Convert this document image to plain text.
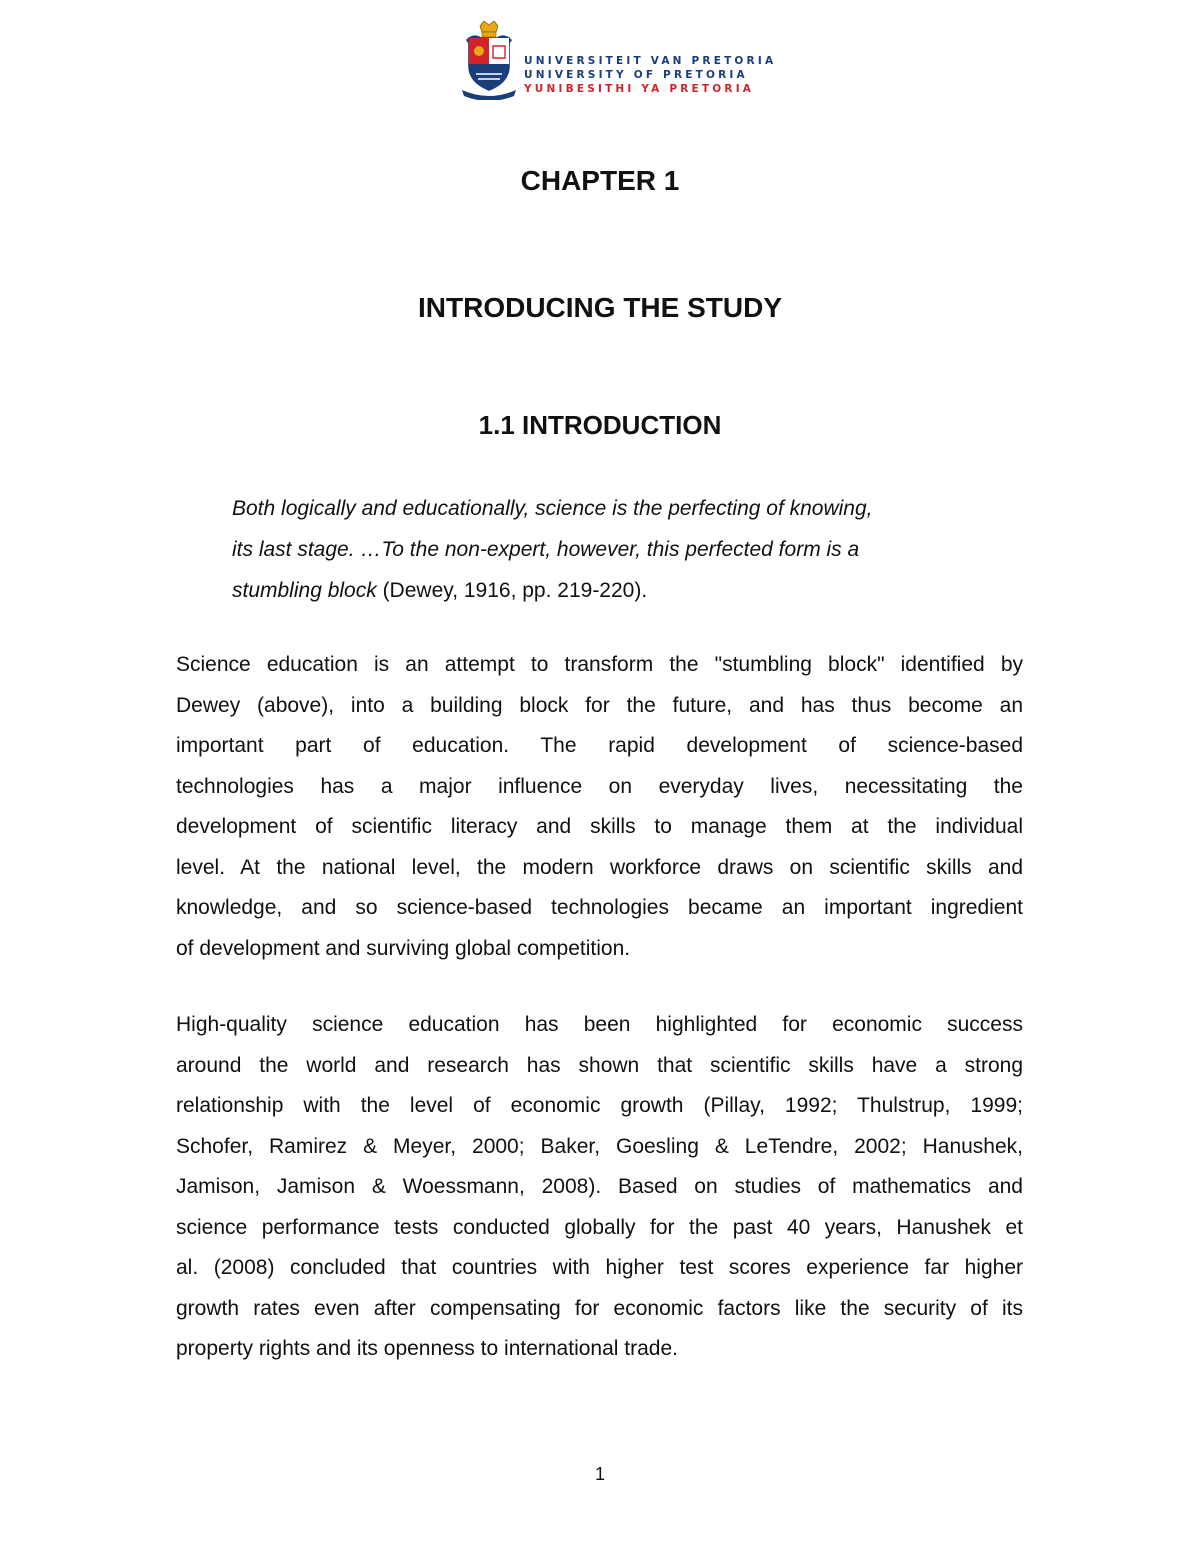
UNIVERSITEIT VAN PRETORIA
UNIVERSITY OF PRETORIA
YUNIBESITHI YA PRETORIA
CHAPTER 1
INTRODUCING THE STUDY
1.1 INTRODUCTION
Both logically and educationally, science is the perfecting of knowing,
its last stage. …To the non-expert, however, this perfected form is a
stumbling block (Dewey, 1916, pp. 219-220).

Science education is an attempt to transform the "stumbling block" identified by
Dewey (above), into a building block for the future, and has thus become an
important part of education. The rapid development of science-based
technologies has a major influence on everyday lives, necessitating the
development of scientific literacy and skills to manage them at the individual
level. At the national level, the modern workforce draws on scientific skills and
knowledge, and so science-based technologies became an important ingredient
of development and surviving global competition.

High-quality science education has been highlighted for economic success
around the world and research has shown that scientific skills have a strong
relationship with the level of economic growth (Pillay, 1992; Thulstrup, 1999;
Schofer, Ramirez & Meyer, 2000; Baker, Goesling & LeTendre, 2002; Hanushek,
Jamison, Jamison & Woessmann, 2008). Based on studies of mathematics and
science performance tests conducted globally for the past 40 years, Hanushek et
al. (2008) concluded that countries with higher test scores experience far higher
growth rates even after compensating for economic factors like the security of its
property rights and its openness to international trade.

1
